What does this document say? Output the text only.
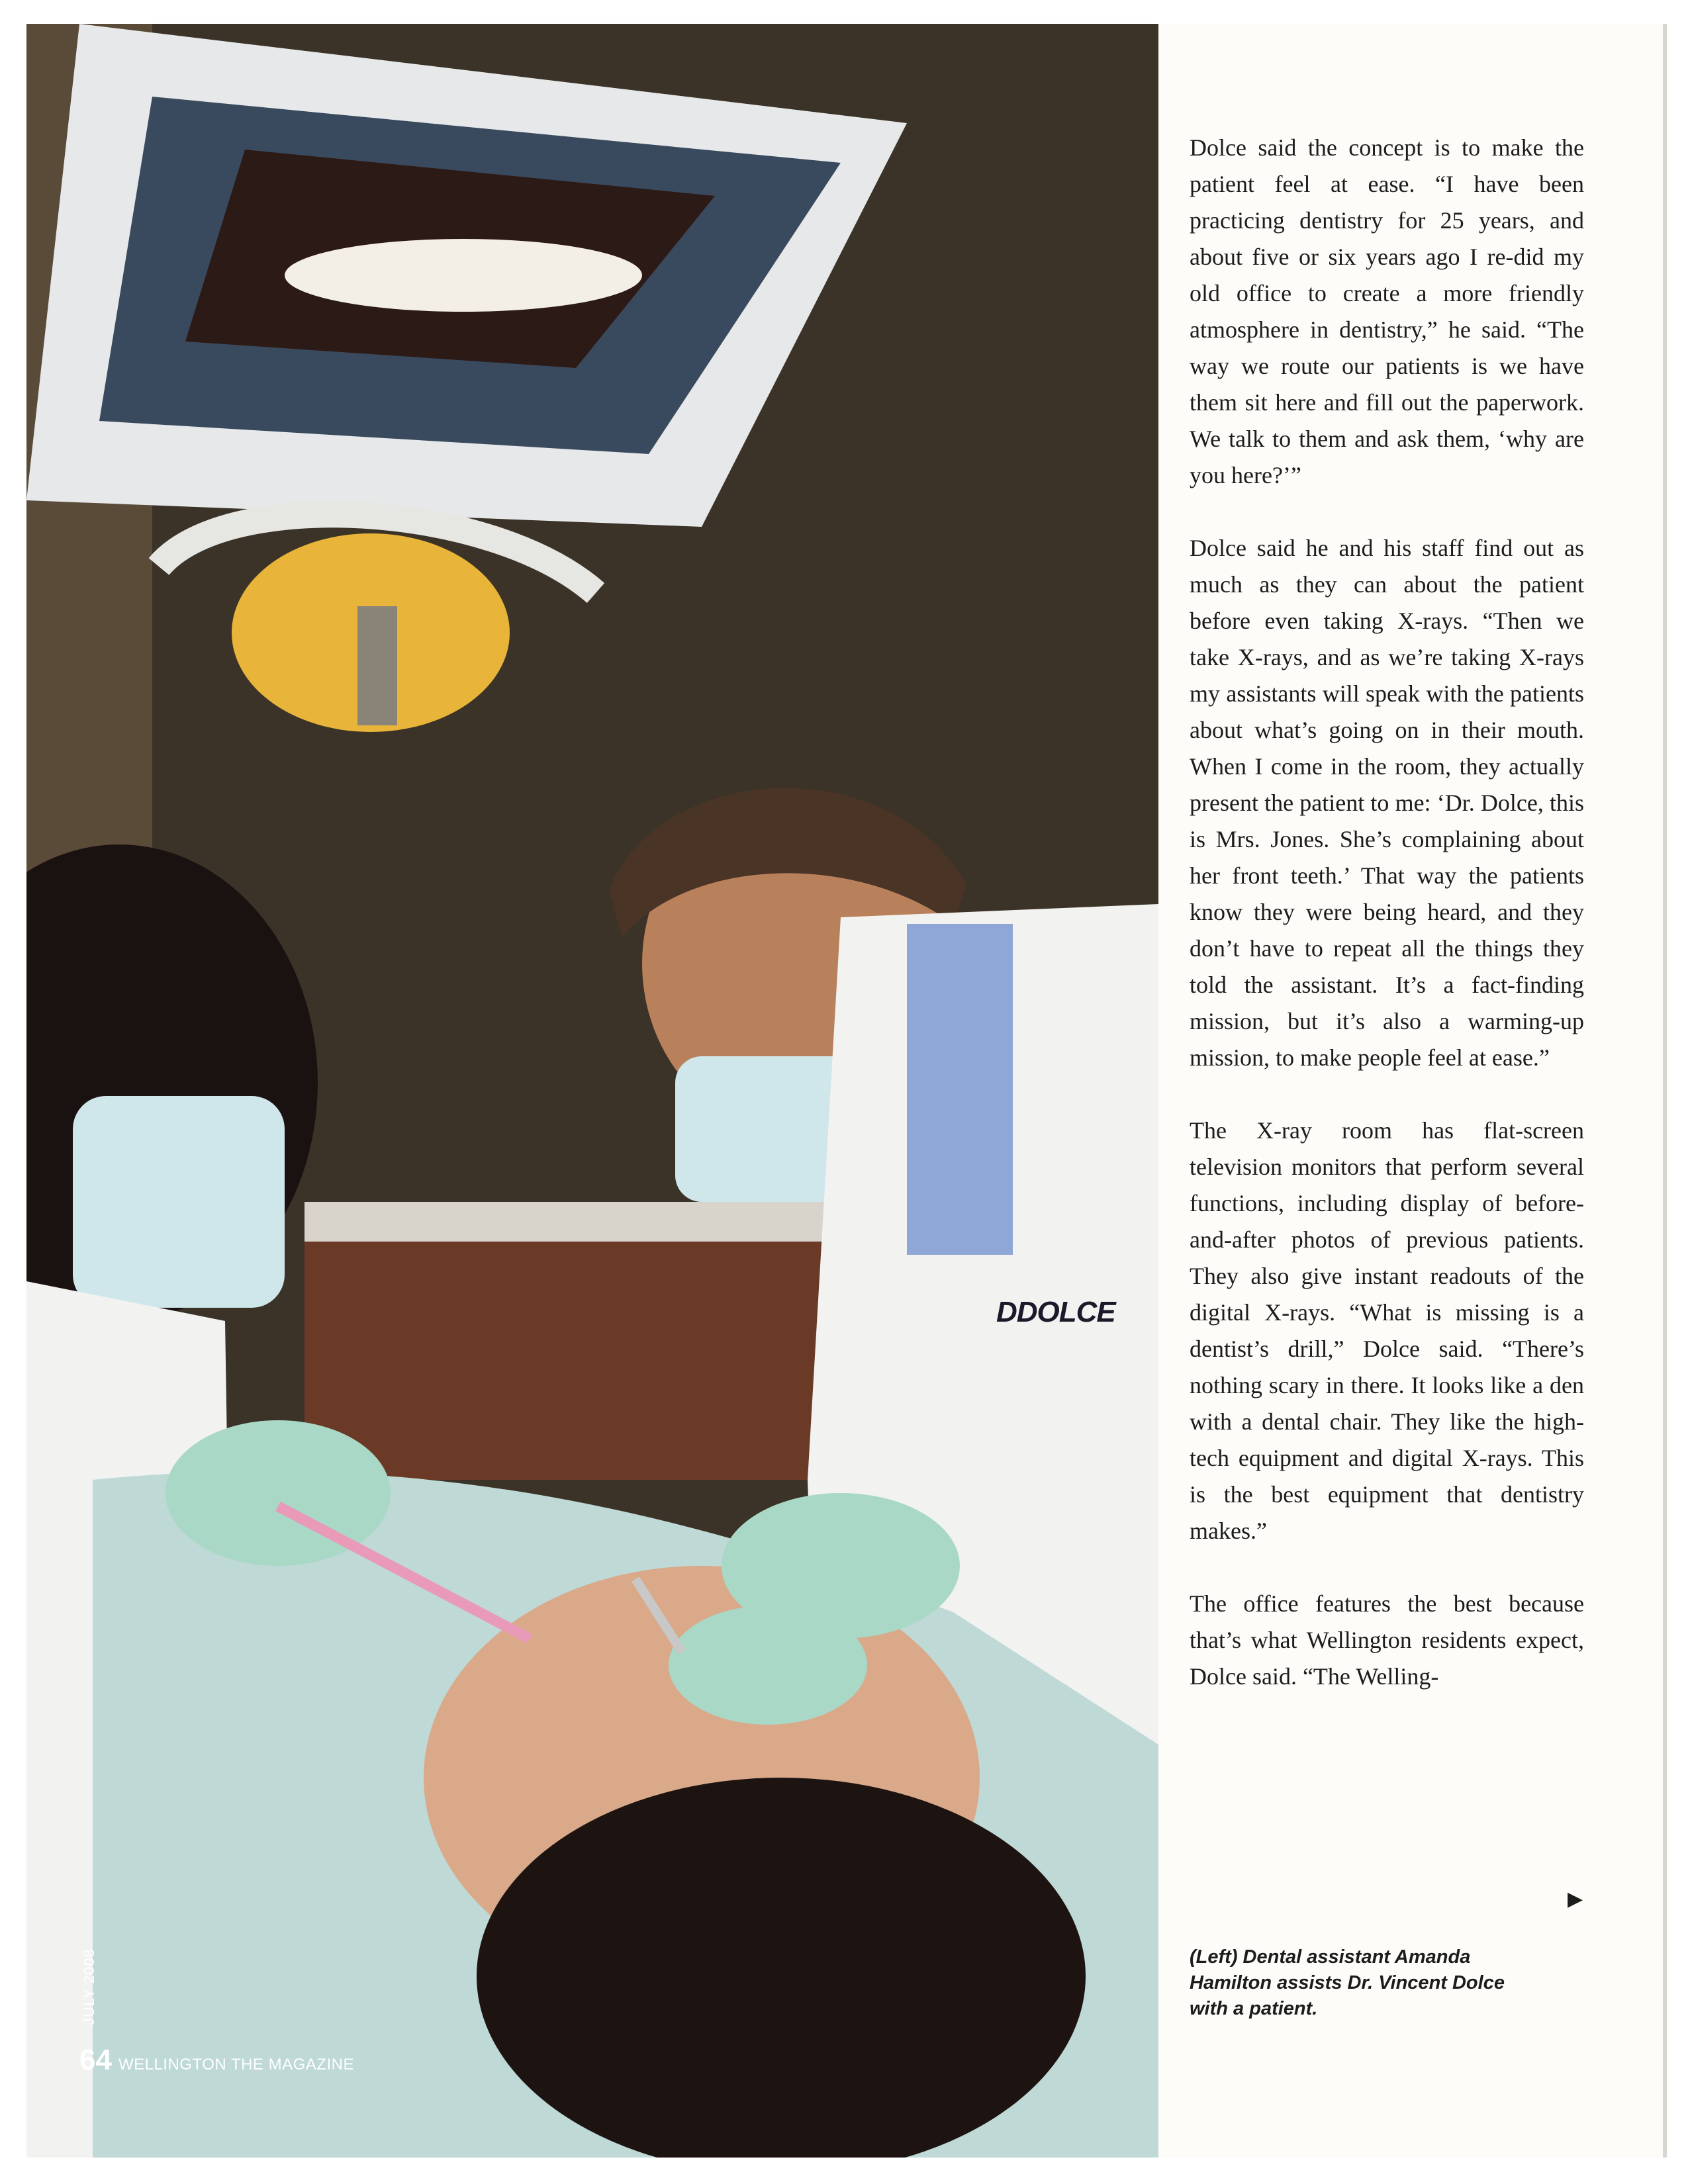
DDOLCE
JULY 2008
64 WELLINGTON THE MAGAZINE

Dolce said the concept is to make the patient feel at ease. “I have been practicing dentistry for 25 years, and about five or six years ago I re-did my old office to create a more friendly atmosphere in dentistry,” he said. “The way we route our patients is we have them sit here and fill out the paperwork. We talk to them and ask them, ‘why are you here?’”

Dolce said he and his staff find out as much as they can about the patient before even taking X-rays. “Then we take X-rays, and as we’re taking X-rays my assistants will speak with the patients about what’s going on in their mouth. When I come in the room, they actually present the patient to me: ‘Dr. Dolce, this is Mrs. Jones. She’s complaining about her front teeth.’ That way the patients know they were being heard, and they don’t have to repeat all the things they told the assistant. It’s a fact-finding mission, but it’s also a warming-up mission, to make people feel at ease.”

The X-ray room has flat-screen television monitors that perform several functions, including display of before-and-after photos of previous patients. They also give instant readouts of the digital X-rays. “What is missing is a dentist’s drill,” Dolce said. “There’s nothing scary in there. It looks like a den with a dental chair. They like the high-tech equipment and digital X-rays. This is the best equipment that dentistry makes.”

The office features the best because that’s what Wellington residents expect, Dolce said. “The Welling-

▶
(Left) Dental assistant Amanda Hamilton assists Dr. Vincent Dolce with a patient.
